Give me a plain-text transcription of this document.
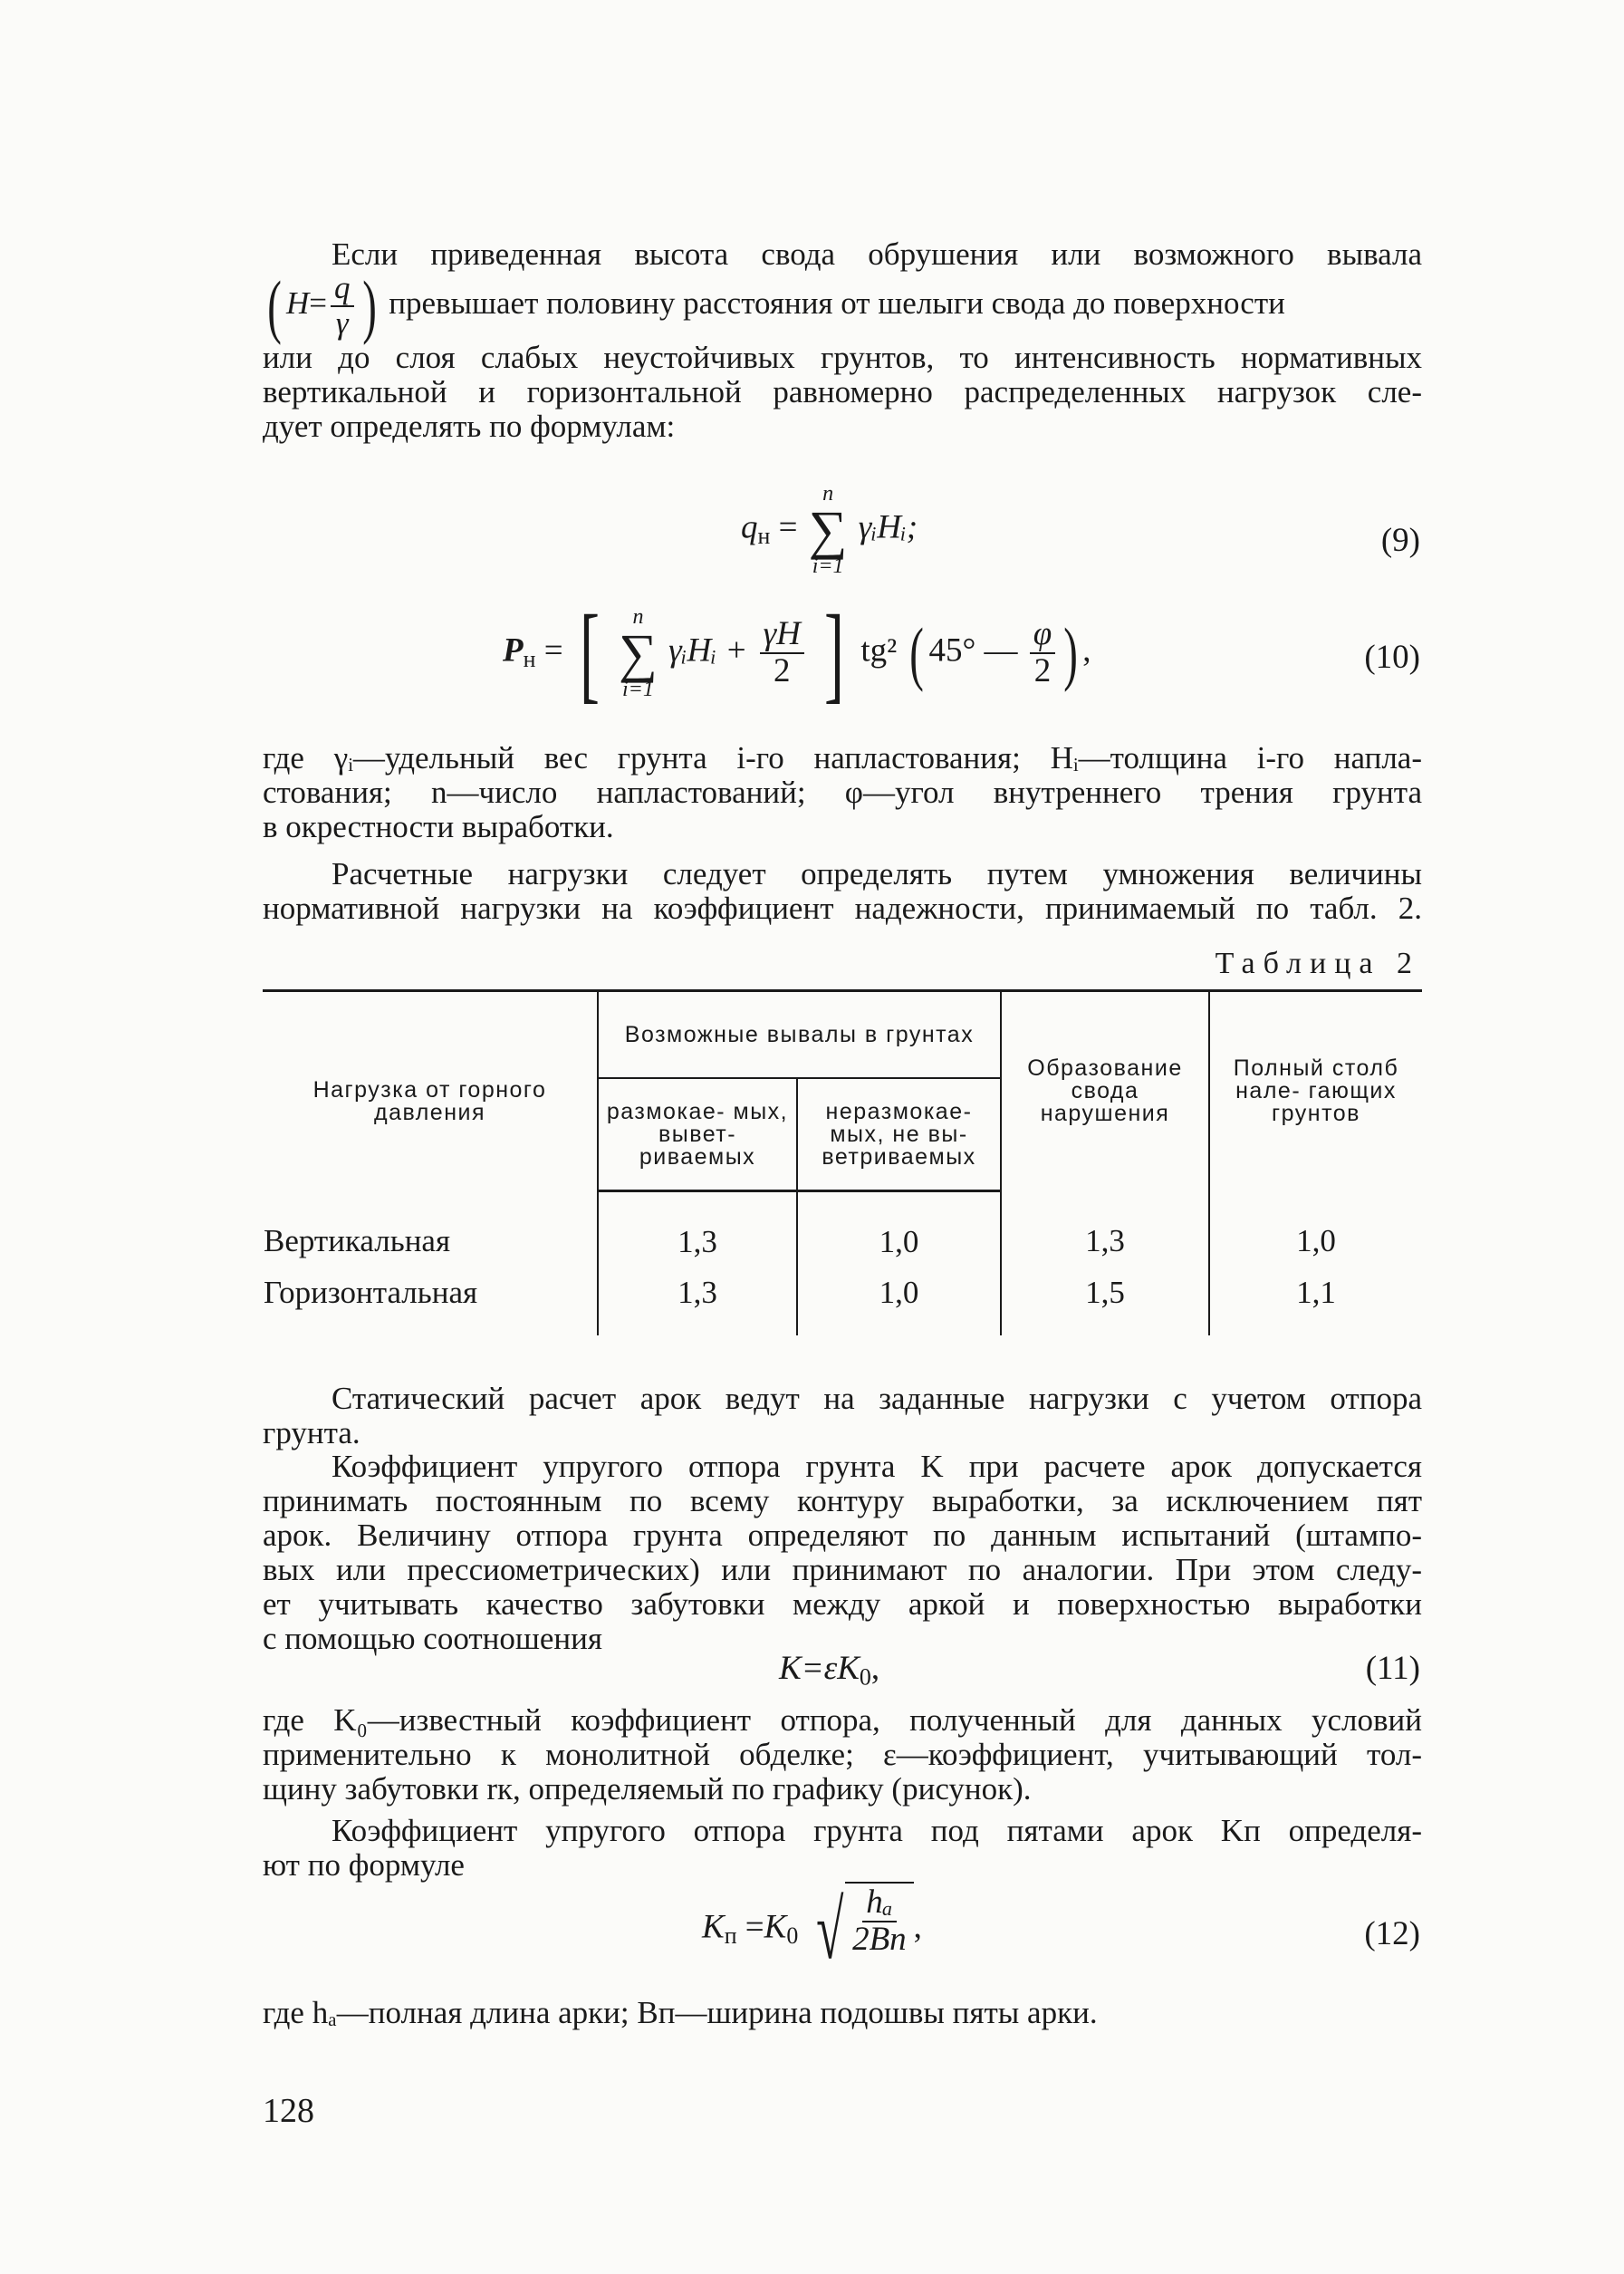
Если приведенная высота свода обрушения или возможного вывала
( $H= \frac{q}{\gamma}$ ) превышает половину расстояния от шелыги свода до поверхности
или до слоя слабых неустойчивых грунтов, то интенсивность нормативных
вертикальной и горизонтальной равномерно распределенных нагрузок сле-
дует определять по формулам:
$q_н$ =
n
∑
i=1
γᵢHᵢ;	(9)
$P_н$ = [ n
∑
i=1
γᵢHᵢ + $\frac{\gamma H}{2}$ ] tg² ( 45° — $\frac{\varphi}{2}$ ) ,	(10)
где γᵢ—удельный вес грунта i-го напластования; Hᵢ—толщина i-го напла-
стования; n—число напластований; φ—угол внутреннего трения грунта
в окрестности выработки.
Расчетные нагрузки следует определять путем умножения величины
нормативной нагрузки на коэффициент надежности, принимаемый по табл. 2.
Таблица 2
Нагрузка от горного давления	Возможные вывалы в грунтах		Образование свода нарушения	Полный столб нале- гающих грунтов
	размокае- мых, вывет- риваемых	неразмокае- мых, не вы- ветриваемых		
Вертикальная	1,3	1,0	1,3	1,0
Горизонтальная	1,3	1,0	1,5	1,1
Статический расчет арок ведут на заданные нагрузки с учетом отпора
грунта.
Коэффициент упругого отпора грунта K при расчете арок допускается
принимать постоянным по всему контуру выработки, за исключением пят
арок. Величину отпора грунта определяют по данным испытаний (штампо-
вых или прессиометрических) или принимают по аналогии. При этом следу-
ет учитывать качество забутовки между аркой и поверхностью выработки
с помощью соотношения
$K=\varepsilon K_0$,	(11)
где K₀—известный коэффициент отпора, полученный для данных условий
применительно к монолитной обделке; ε—коэффициент, учитывающий тол-
щину забутовки rк, определяемый по графику (рисунок).
Коэффициент упругого отпора грунта под пятами арок Kп определя-
ют по формуле
$K_п =K_0$ √ $\frac{\text{hₐ}}{2Bп}$ ,	(12)
где hₐ—полная длина арки; Bп—ширина подошвы пяты арки.
128
